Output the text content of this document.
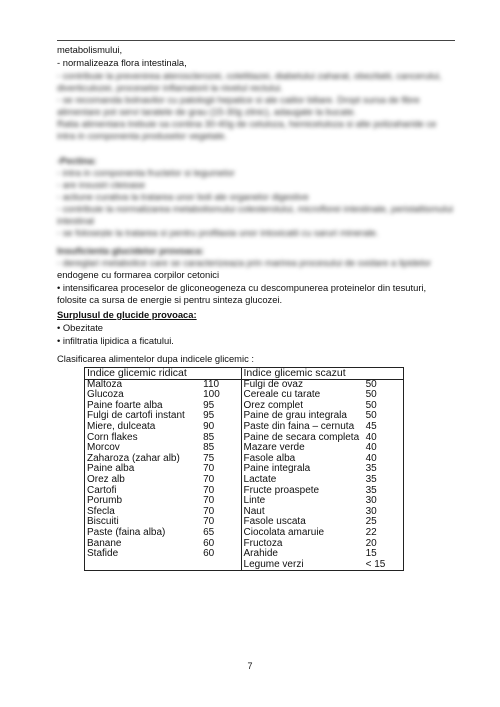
metabolismului,
- normalizeaza flora intestinala,
- contribuie la prevenirea aterosclerozei, colelitiazei, diabetului zaharat, obezitatii, cancerului,
diverticulozei, proceselor inflamatorii la nivelul rectului.
- se recomanda bolnavilor cu patologii hepatice si ale caiilor biliare. Dropt sursa de fibre
alimentare pot servi taratele de grau (15-30g zilnic), adaugate la bucate.
Ratia alimentara trebuie sa contina 30-40g de celuloza, hemiceluloza si alte polizaharide ce
intra in componenta produselor vegetale.
-Pectina:
- intra in componenta fructelor si legumelor
- are insusiri cleioase
- actiune curativa la tratarea unor boli ale organelor digestive
- contribuie la normalizarea metabolismului colesterolului, microflorei intestinale, peristaltismului
intestinal
- se folosește la tratarea si pentru profilaxia unor intoxicatii cu saruri minerale.
Insuficienta glucidelor provoaca:
- dereglari metabolice care se caracterizeaza prin marirea procesului de oxidare a lipidelor
endogene cu formarea corpilor cetonici
• intensificarea proceselor de gliconeogeneza cu descompunerea proteinelor din tesuturi, folosite ca sursa de energie si pentru sinteza glucozei.
Surplusul de glucide provoaca:
• Obezitate
• infiltratia lipidica a ficatului.
Clasificarea alimentelor dupa indicele glicemic :
Indice glicemic ridicat		Indice glicemic scazut	
Maltoza	110	Fulgi de ovaz	50
Glucoza	100	Cereale cu tarate	50
Paine foarte alba	95	Orez complet	50
Fulgi de cartofi instant	95	Paine de grau integrala	50
Miere, dulceata	90	Paste din faina – cernuta	45
Corn flakes	85	Paine de secara completa	40
Morcov	85	Mazare verde	40
Zaharoza (zahar alb)	75	Fasole alba	40
Paine alba	70	Paine integrala	35
Orez alb	70	Lactate	35
Cartofi	70	Fructe proaspete	35
Porumb	70	Linte	30
Sfecla	70	Naut	30
Biscuiti	70	Fasole uscata	25
Paste (faina alba)	65	Ciocolata amaruie	22
Banane	60	Fructoza	20
Stafide	60	Arahide	15
		Legume verzi	< 15
7
